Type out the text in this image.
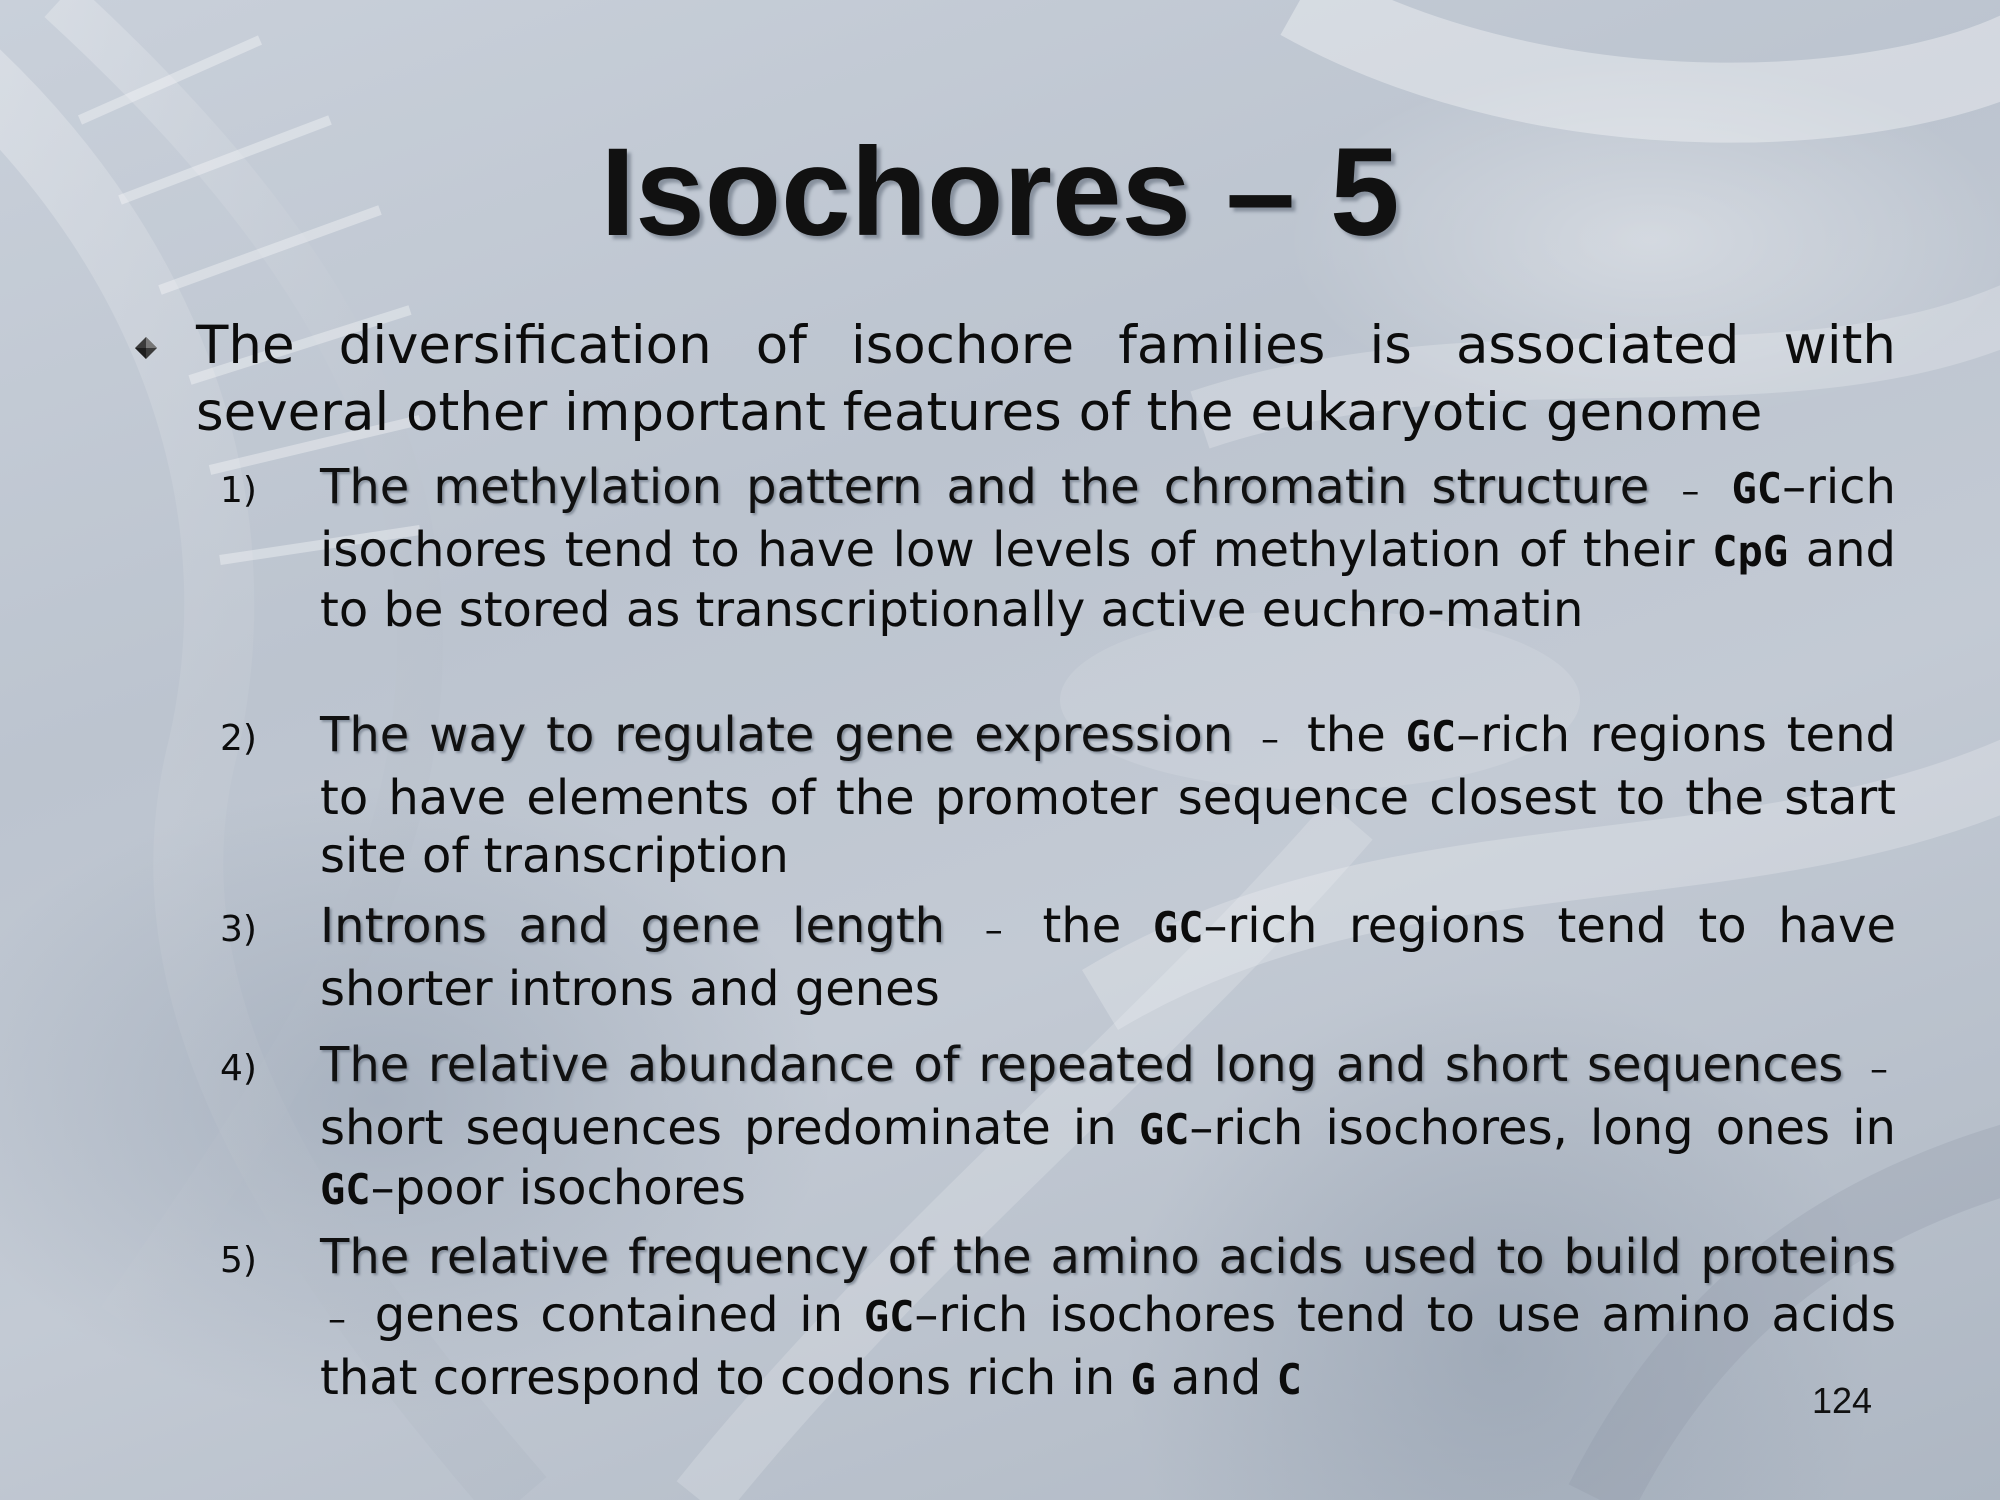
Isochores – 5
The diversification of isochore families is associated with several other important features of the eukaryotic genome
1) The methylation pattern and the chromatin structure – GC–rich isochores tend to have low levels of methylation of their CpG and to be stored as transcriptionally active euchro-matin
2) The way to regulate gene expression – the GC–rich regions tend to have elements of the promoter sequence closest to the start site of transcription
3) Introns and gene length – the GC–rich regions tend to have shorter introns and genes
4) The relative abundance of repeated long and short sequences – short sequences predominate in GC–rich isochores, long ones in GC–poor isochores
5) The relative frequency of the amino acids used to build proteins – genes contained in GC–rich isochores tend to use amino acids that correspond to codons rich in G and C	124
